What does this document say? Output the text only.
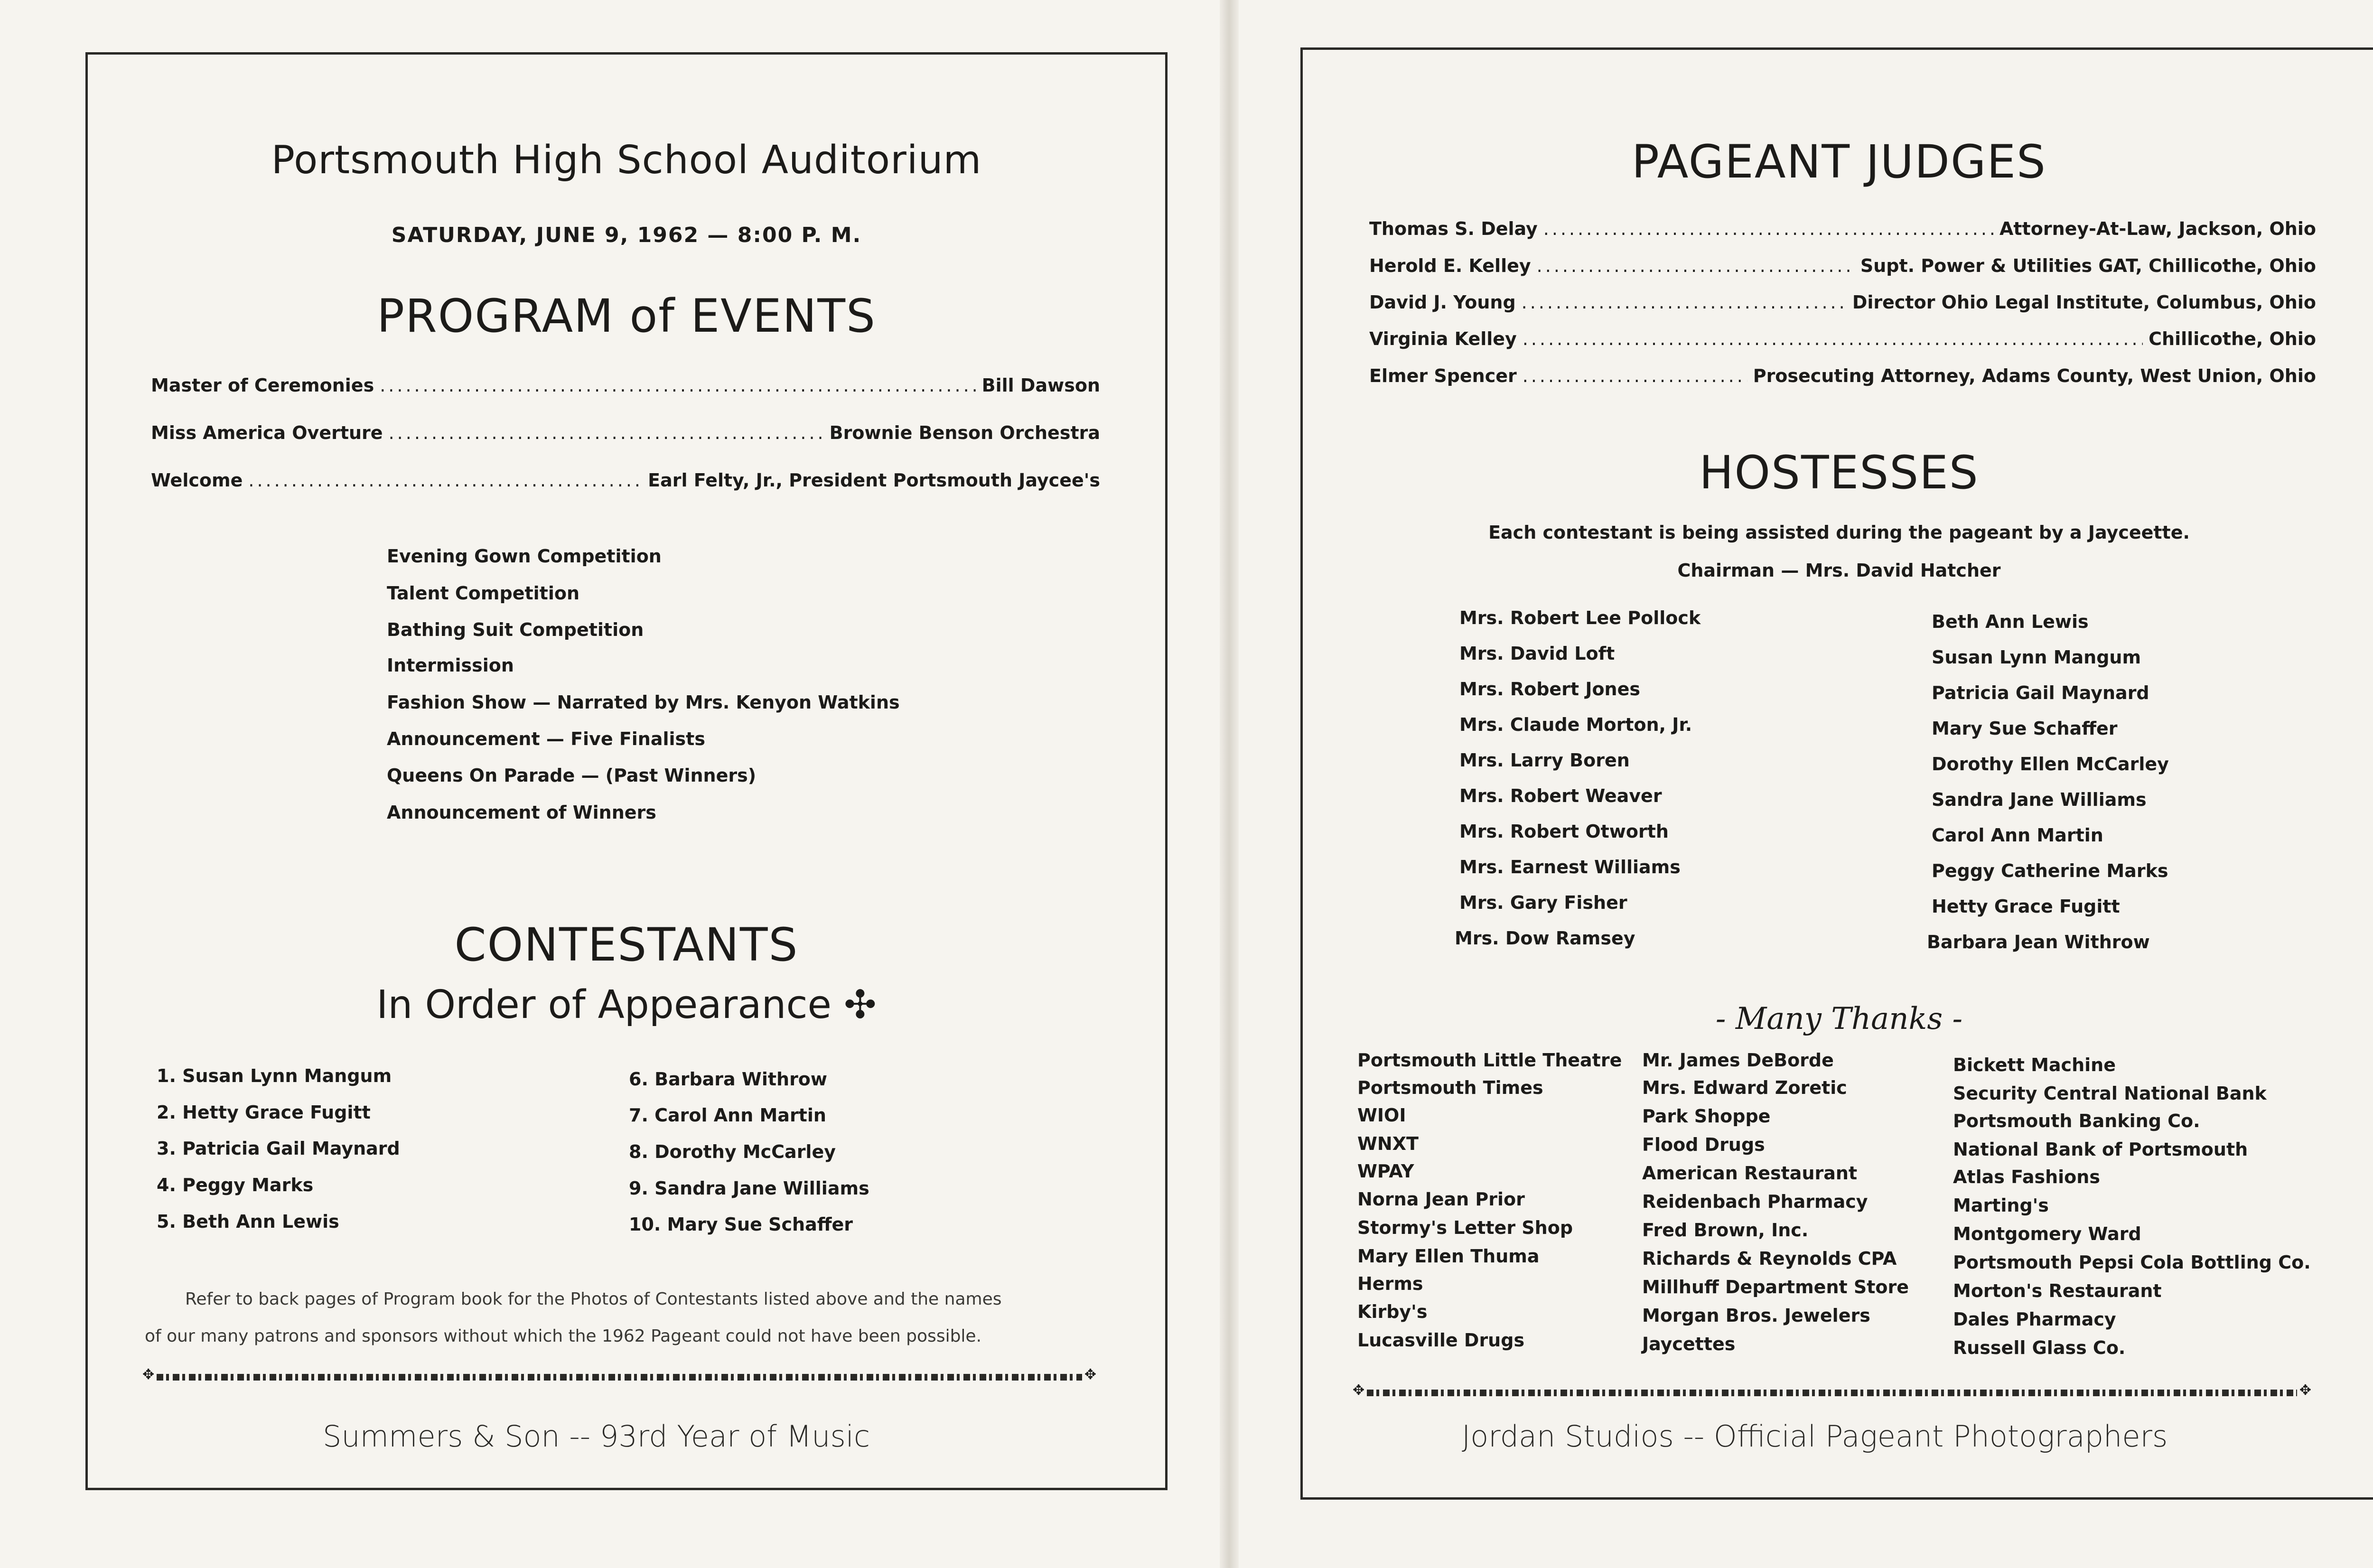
Portsmouth High School Auditorium
SATURDAY, JUNE 9, 1962 — 8:00 P. M.
PROGRAM of EVENTS
Master of Ceremonies .....	Bill Dawson
Miss America Overture .....	Brownie Benson Orchestra
Welcome .....	Earl Felty, Jr., President Portsmouth Jaycee's
Evening Gown Competition
Talent Competition
Bathing Suit Competition
Intermission
Fashion Show — Narrated by Mrs. Kenyon Watkins
Announcement — Five Finalists
Queens On Parade — (Past Winners)
Announcement of Winners
CONTESTANTS
In Order of Appearance ✣
1. Susan Lynn Mangum
2. Hetty Grace Fugitt
3. Patricia Gail Maynard
4. Peggy Marks
5. Beth Ann Lewis
6. Barbara Withrow
7. Carol Ann Martin
8. Dorothy McCarley
9. Sandra Jane Williams
10. Mary Sue Schaffer
Refer to back pages of Program book for the Photos of Contestants listed above and the names
of our many patrons and sponsors without which the 1962 Pageant could not have been possible.
✥ ✥
Summers & Son -- 93rd Year of Music
PAGEANT JUDGES
Thomas S. Delay .....	Attorney-At-Law, Jackson, Ohio
Herold E. Kelley .....	Supt. Power & Utilities GAT, Chillicothe, Ohio
David J. Young .....	Director Ohio Legal Institute, Columbus, Ohio
Virginia Kelley .....	Chillicothe, Ohio
Elmer Spencer .....	Prosecuting Attorney, Adams County, West Union, Ohio
HOSTESSES
Each contestant is being assisted during the pageant by a Jayceette.
Chairman — Mrs. David Hatcher
Mrs. Robert Lee Pollock
Mrs. David Loft
Mrs. Robert Jones
Mrs. Claude Morton, Jr.
Mrs. Larry Boren
Mrs. Robert Weaver
Mrs. Robert Otworth
Mrs. Earnest Williams
Mrs. Gary Fisher
Mrs. Dow Ramsey
Beth Ann Lewis
Susan Lynn Mangum
Patricia Gail Maynard
Mary Sue Schaffer
Dorothy Ellen McCarley
Sandra Jane Williams
Carol Ann Martin
Peggy Catherine Marks
Hetty Grace Fugitt
Barbara Jean Withrow
- Many Thanks -
Portsmouth Little Theatre
Portsmouth Times
WIOI
WNXT
WPAY
Norna Jean Prior
Stormy's Letter Shop
Mary Ellen Thuma
Herms
Kirby's
Lucasville Drugs
Mr. James DeBorde
Mrs. Edward Zoretic
Park Shoppe
Flood Drugs
American Restaurant
Reidenbach Pharmacy
Fred Brown, Inc.
Richards & Reynolds CPA
Millhuff Department Store
Morgan Bros. Jewelers
Jaycettes
Bickett Machine
Security Central National Bank
Portsmouth Banking Co.
National Bank of Portsmouth
Atlas Fashions
Marting's
Montgomery Ward
Portsmouth Pepsi Cola Bottling Co.
Morton's Restaurant
Dales Pharmacy
Russell Glass Co.
✥ ✥
Jordan Studios -- Official Pageant Photographers
